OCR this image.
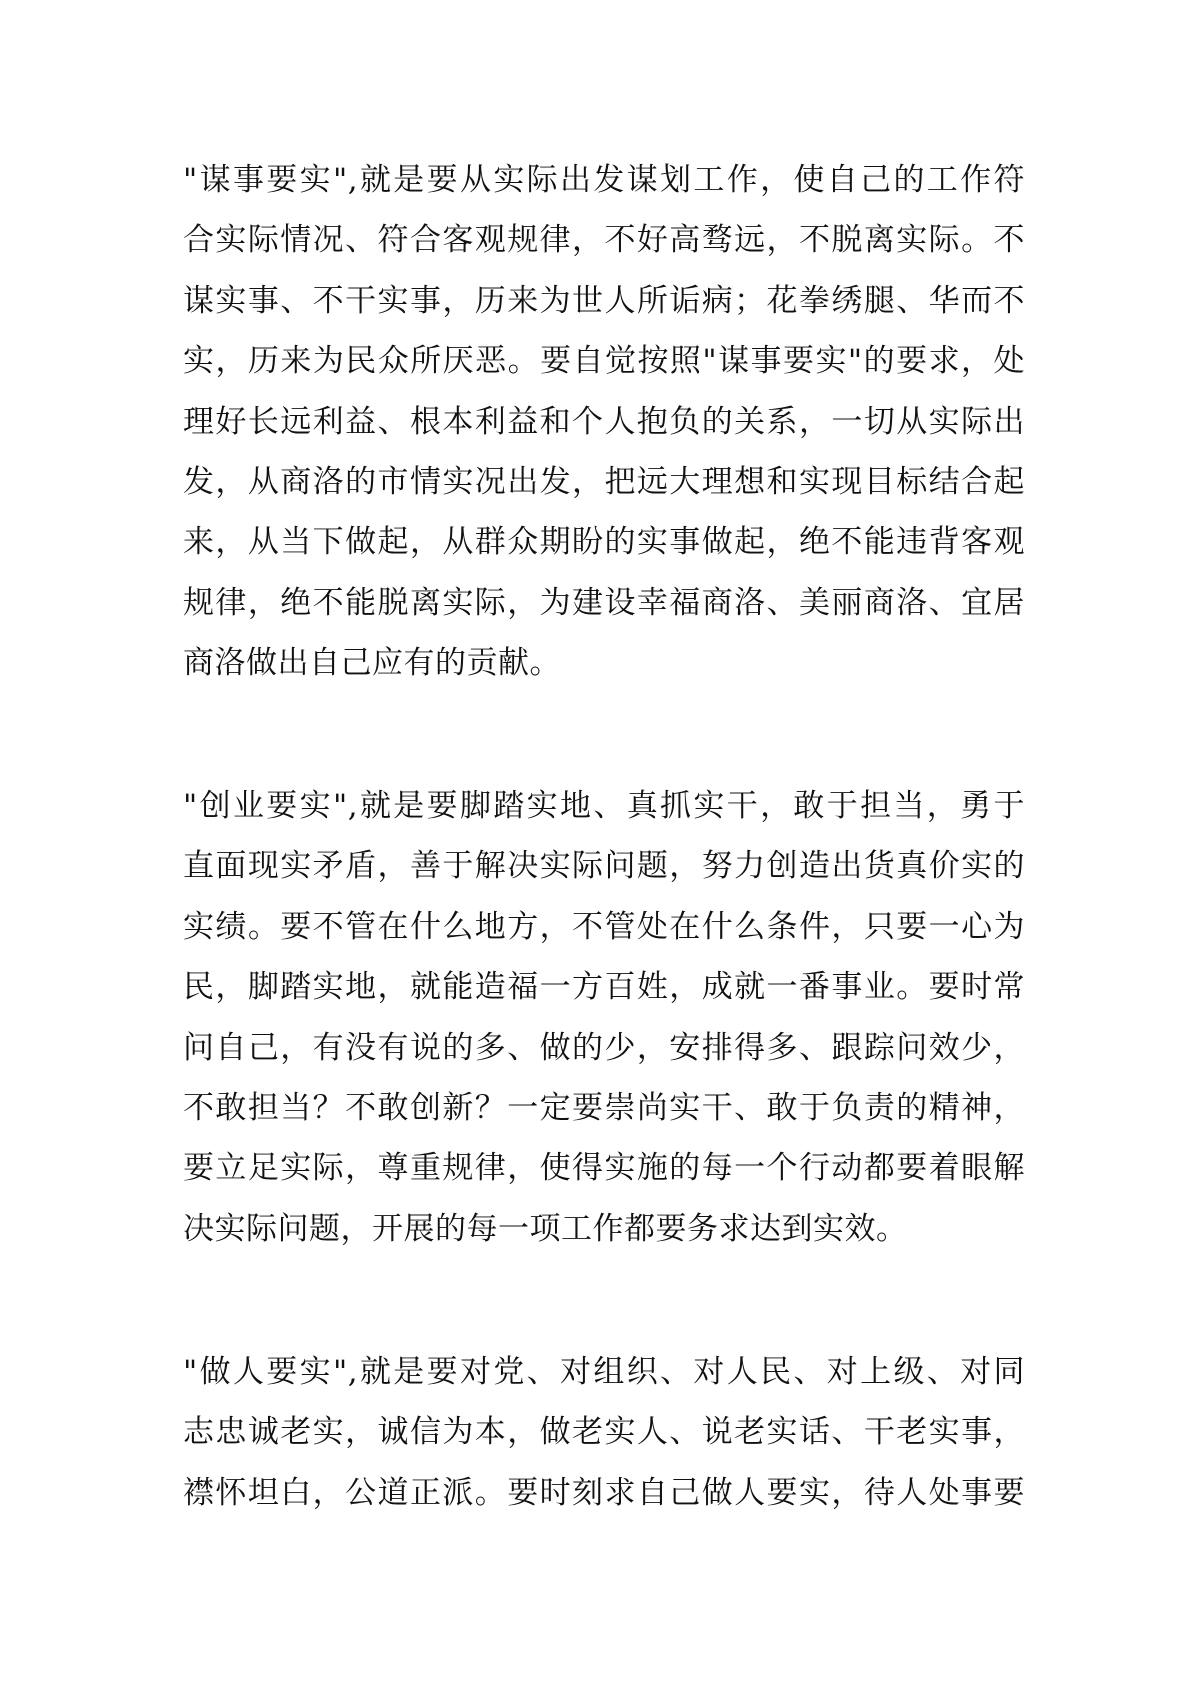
"谋事要实",就是要从实际出发谋划工作，使自己的工作符
合实际情况、符合客观规律，不好高骛远，不脱离实际。不
谋实事、不干实事，历来为世人所诟病；花拳绣腿、华而不
实，历来为民众所厌恶。要自觉按照"谋事要实"的要求，处
理好长远利益、根本利益和个人抱负的关系，一切从实际出
发，从商洛的市情实况出发，把远大理想和实现目标结合起
来，从当下做起，从群众期盼的实事做起，绝不能违背客观
规律，绝不能脱离实际，为建设幸福商洛、美丽商洛、宜居
商洛做出自己应有的贡献。
"创业要实",就是要脚踏实地、真抓实干，敢于担当，勇于
直面现实矛盾，善于解决实际问题，努力创造出货真价实的
实绩。要不管在什么地方，不管处在什么条件，只要一心为
民，脚踏实地，就能造福一方百姓，成就一番事业。要时常
问自己，有没有说的多、做的少，安排得多、跟踪问效少，
不敢担当？不敢创新？一定要崇尚实干、敢于负责的精神，
要立足实际，尊重规律，使得实施的每一个行动都要着眼解
决实际问题，开展的每一项工作都要务求达到实效。
"做人要实",就是要对党、对组织、对人民、对上级、对同
志忠诚老实，诚信为本，做老实人、说老实话、干老实事，
襟怀坦白，公道正派。要时刻求自己做人要实，待人处事要
